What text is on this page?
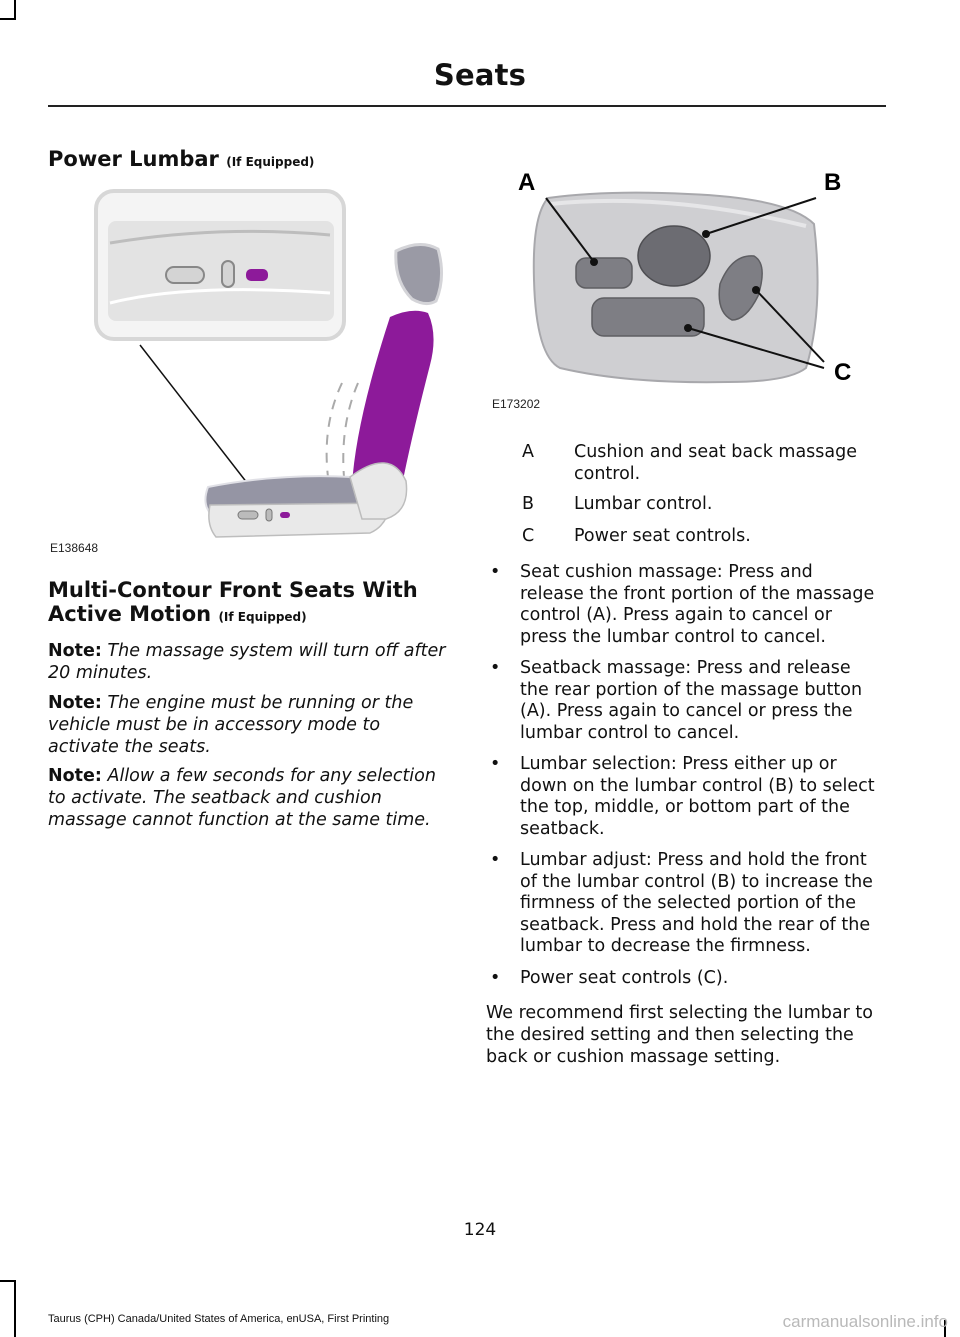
Seats
Power Lumbar (If Equipped)
E138648
A	B
C
E173202
A	Cushion and seat back massage control.
B	Lumbar control.
C	Power seat controls.
Multi-Contour Front Seats With
Active Motion (If Equipped)
Note: The massage system will turn off after 20 minutes.
Note: The engine must be running or the vehicle must be in accessory mode to activate the seats.
Note: Allow a few seconds for any selection to activate. The seatback and cushion massage cannot function at the same time.
• Seat cushion massage: Press and release the front portion of the massage control (A). Press again to cancel or press the lumbar control to cancel.
• Seatback massage: Press and release the rear portion of the massage button (A). Press again to cancel or press the lumbar control to cancel.
• Lumbar selection: Press either up or down on the lumbar control (B) to select the top, middle, or bottom part of the seatback.
• Lumbar adjust: Press and hold the front of the lumbar control (B) to increase the firmness of the selected portion of the seatback. Press and hold the rear of the lumbar to decrease the firmness.
• Power seat controls (C).
We recommend first selecting the lumbar to the desired setting and then selecting the back or cushion massage setting.
124
Taurus (CPH) Canada/United States of America, enUSA, First Printing	carmanualsonline.info
